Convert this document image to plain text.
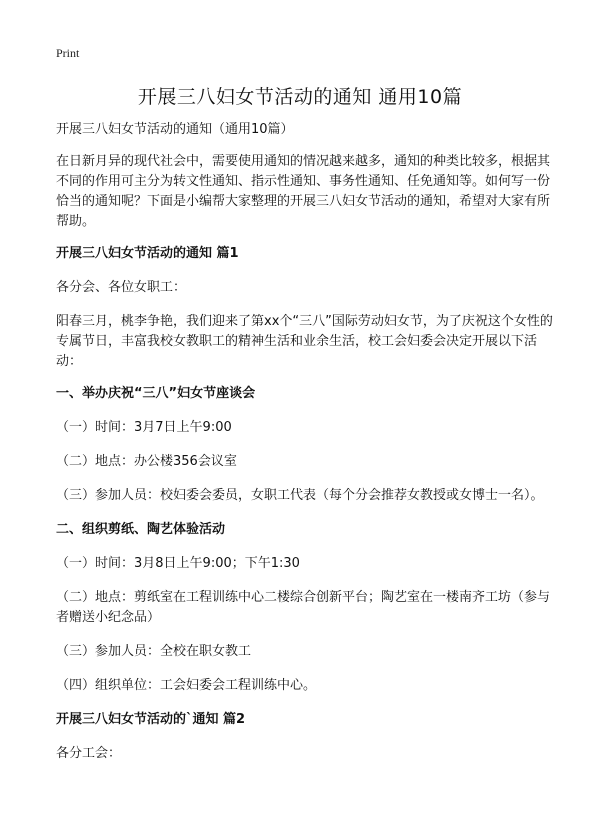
Print
开展三八妇女节活动的通知 通用10篇

开展三八妇女节活动的通知（通用10篇）

在日新月异的现代社会中，需要使用通知的情况越来越多，通知的种类比较多，根据其不同的作用可主分为转文性通知、指示性通知、事务性通知、任免通知等。如何写一份恰当的通知呢？下面是小编帮大家整理的开展三八妇女节活动的通知，希望对大家有所帮助。

开展三八妇女节活动的通知 篇1

各分会、各位女职工：

阳春三月，桃李争艳，我们迎来了第xx个“三八”国际劳动妇女节，为了庆祝这个女性的专属节日，丰富我校女教职工的精神生活和业余生活，校工会妇委会决定开展以下活动：

一、举办庆祝“三八”妇女节座谈会

（一）时间：3月7日上午9:00

（二）地点：办公楼356会议室

（三）参加人员：校妇委会委员，女职工代表（每个分会推荐女教授或女博士一名）。

二、组织剪纸、陶艺体验活动

（一）时间：3月8日上午9:00；下午1:30

（二）地点：剪纸室在工程训练中心二楼综合创新平台；陶艺室在一楼南齐工坊（参与者赠送小纪念品）

（三）参加人员：全校在职女教工

（四）组织单位：工会妇委会工程训练中心。

开展三八妇女节活动的`通知 篇2

各分工会：
